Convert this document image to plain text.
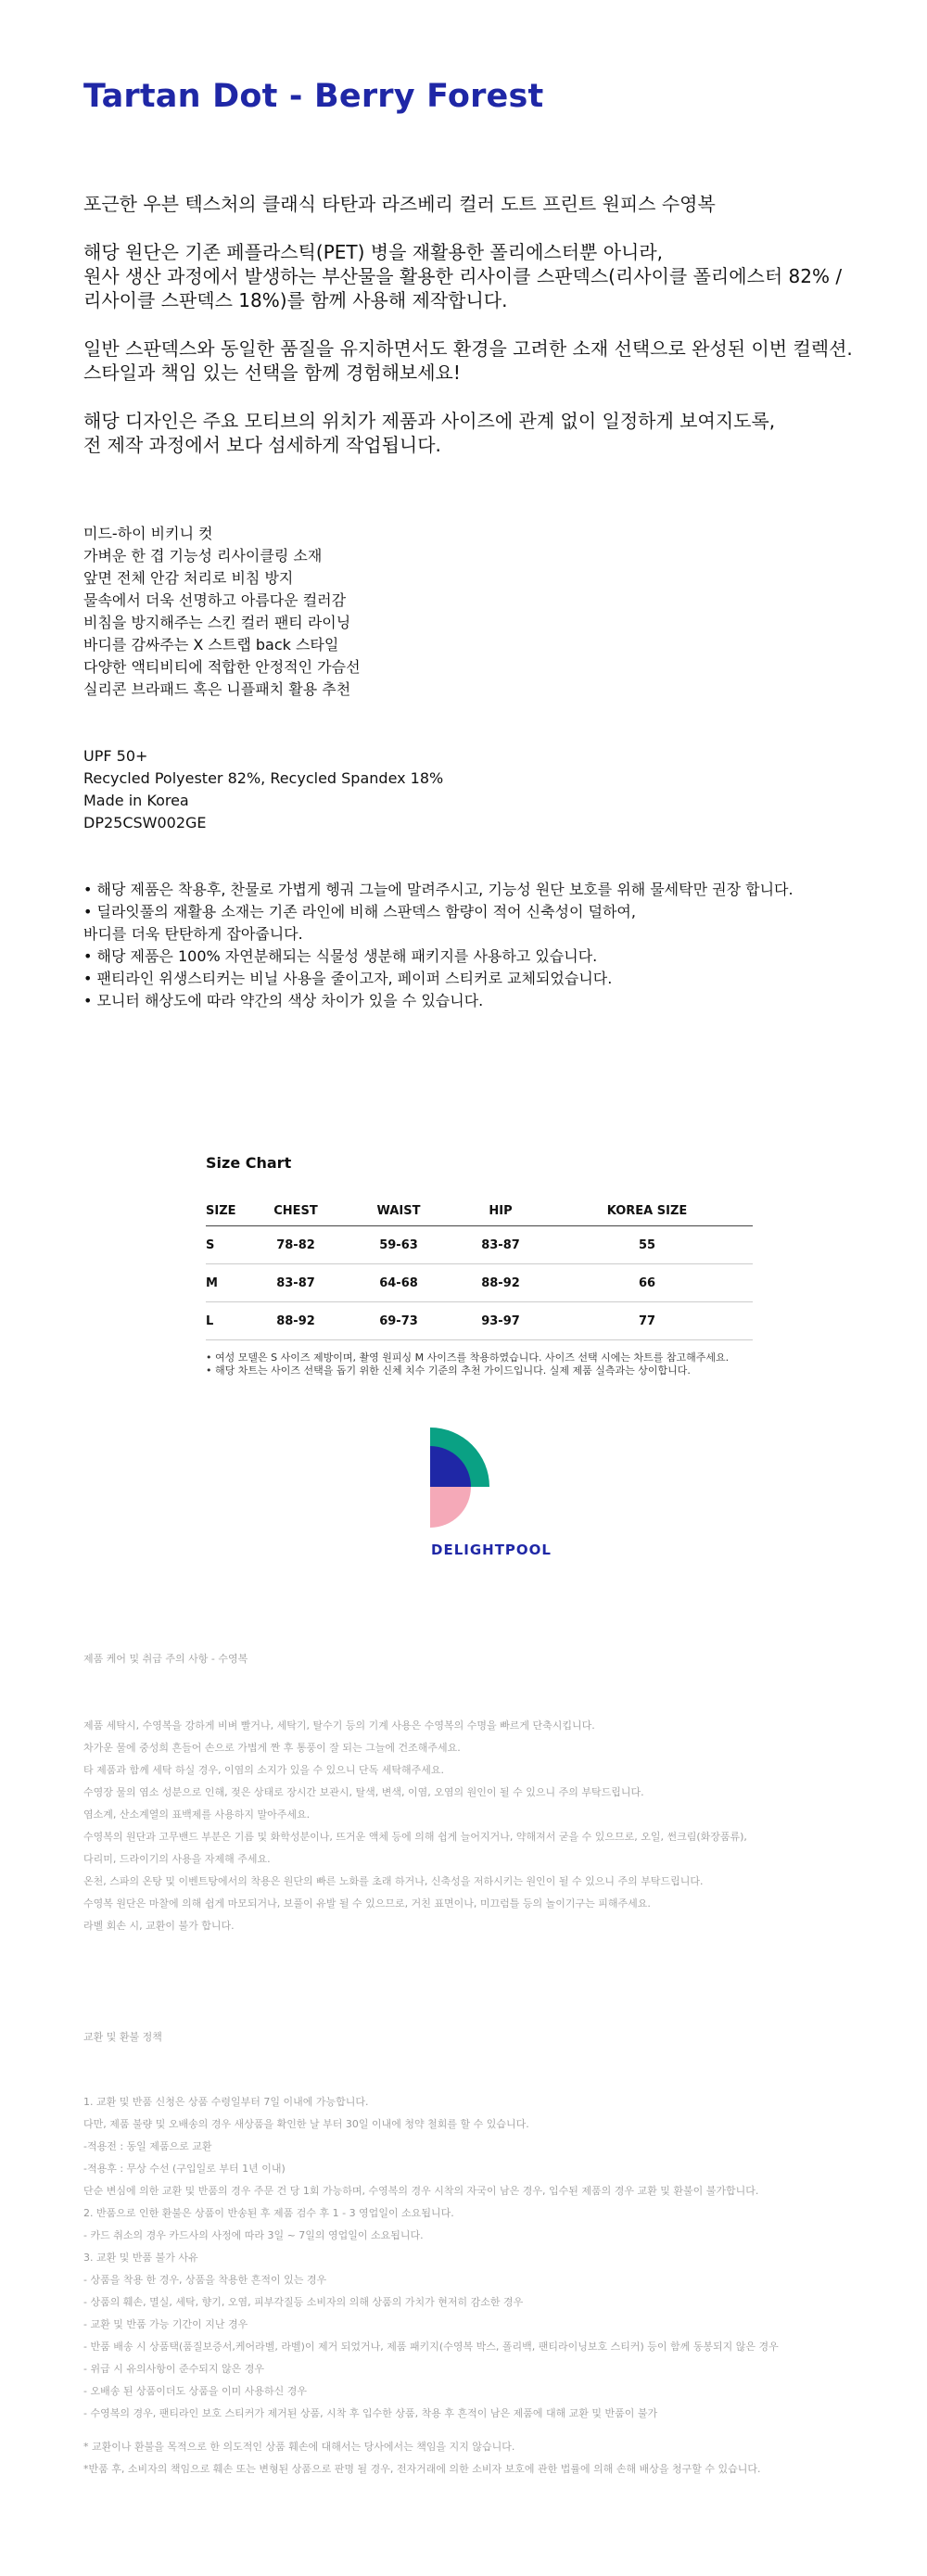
Tartan Dot - Berry Forest

포근한 우븐 텍스처의 클래식 타탄과 라즈베리 컬러 도트 프린트 원피스 수영복

해당 원단은 기존 페플라스틱(PET) 병을 재활용한 폴리에스터뿐 아니라,

원사 생산 과정에서 발생하는 부산물을 활용한 리사이클 스판덱스(리사이클 폴리에스터 82% /

리사이클 스판덱스 18%)를 함께 사용해 제작합니다.

일반 스판덱스와 동일한 품질을 유지하면서도 환경을 고려한 소재 선택으로 완성된 이번 컬렉션.

스타일과 책임 있는 선택을 함께 경험해보세요!

해당 디자인은 주요 모티브의 위치가 제품과 사이즈에 관계 없이 일정하게 보여지도록,

전 제작 과정에서 보다 섬세하게 작업됩니다.

미드-하이 비키니 컷

가벼운 한 겹 기능성 리사이클링 소재

앞면 전체 안감 처리로 비침 방지

물속에서 더욱 선명하고 아름다운 컬러감

비침을 방지해주는 스킨 컬러 팬티 라이닝

바디를 감싸주는 X 스트랩 back 스타일

다양한 액티비티에 적합한 안정적인 가슴선

실리콘 브라패드 혹은 니플패치 활용 추천

UPF 50+

Recycled Polyester 82%, Recycled Spandex 18%

Made in Korea

DP25CSW002GE

• 해당 제품은 착용후, 찬물로 가볍게 헹궈 그늘에 말려주시고, 기능성 원단 보호를 위해 물세탁만 권장 합니다.

• 딜라잇풀의 재활용 소재는 기존 라인에 비해 스판덱스 함량이 적어 신축성이 덜하여,

바디를 더욱 탄탄하게 잡아줍니다.

• 해당 제품은 100% 자연분해되는 식물성 생분해 패키지를 사용하고 있습니다.

• 팬티라인 위생스티커는 비닐 사용을 줄이고자, 페이퍼 스티커로 교체되었습니다.

• 모니터 해상도에 따라 약간의 색상 차이가 있을 수 있습니다.

Size Chart
SIZE	CHEST	WAIST	HIP	KOREA SIZE
S	78-82	59-63	83-87	55
M	83-87	64-68	88-92	66
L	88-92	69-73	93-97	77

• 여성 모델은 S 사이즈 제방이며, 촬영 원피싱 M 사이즈를 착용하였습니다. 사이즈 선택 시에는 차트를 참고해주세요.

• 해당 차트는 사이즈 선택을 돕기 위한 신체 치수 기준의 추천 가이드입니다. 실제 제품 실측과는 상이합니다.

DELIGHTPOOL

제품 케어 및 취급 주의 사항 - 수영복

제품 세탁시, 수영복을 강하게 비벼 빨거나, 세탁기, 탈수기 등의 기계 사용은 수영복의 수명을 빠르게 단축시킵니다.

차가운 물에 중성희 흔들어 손으로 가볍게 짠 후 통풍이 잘 되는 그늘에 건조해주세요.

타 제품과 함께 세탁 하실 경우, 이염의 소지가 있을 수 있으니 단독 세탁해주세요.

수영장 물의 염소 성분으로 인해, 젖은 상태로 장시간 보관시, 탈색, 변색, 이염, 오염의 원인이 될 수 있으니 주의 부탁드립니다.

염소계, 산소계열의 표백제를 사용하지 말아주세요.

수영복의 원단과 고무밴드 부분은 기름 및 화학성분이나, 뜨거운 액체 등에 의해 쉽게 늘어지거나, 약해져서 굳을 수 있으므로, 오일, 썬크림(화장품류),

다리미, 드라이기의 사용을 자제해 주세요.

온천, 스파의 온탕 및 이벤트탕에서의 착용은 원단의 빠른 노화를 초래 하거나, 신축성을 저하시키는 원인이 될 수 있으니 주의 부탁드립니다.

수영복 원단은 마찰에 의해 쉽게 마모되거나, 보풀이 유발 될 수 있으므로, 거친 표면이나, 미끄럼틀 등의 놀이기구는 피해주세요.

라벨 회손 시, 교환이 불가 합니다.

교환 및 환불 정책

1. 교환 및 반품 신청은 상품 수령일부터 7일 이내에 가능합니다.

다만, 제품 불량 및 오배송의 경우 새상품을 확인한 날 부터 30일 이내에 청약 철회를 할 수 있습니다.

-적용전 : 동일 제품으로 교환

-적용후 : 무상 수선 (구입일로 부터 1년 이내)

단순 변심에 의한 교환 및 반품의 경우 주문 건 당 1회 가능하며, 수영복의 경우 시착의 자국이 남은 경우, 입수된 제품의 경우 교환 및 환불이 불가합니다.

2. 반품으로 인한 환불은 상품이 반송된 후 제품 검수 후 1 - 3 영업일이 소요됩니다.

- 카드 취소의 경우 카드사의 사정에 따라 3일 ~ 7일의 영업일이 소요됩니다.

3. 교환 및 반품 불가 사유

- 상품을 착용 한 경우, 상품을 착용한 흔적이 있는 경우

- 상품의 훼손, 멸실, 세탁, 향기, 오염, 피부각질등 소비자의 의해 상품의 가치가 현저히 감소한 경우

- 교환 및 반품 가능 기간이 지난 경우

- 반품 배송 시 상품택(품질보증서,케어라벨, 라벨)이 제거 되었거나, 제품 패키지(수영복 박스, 폴리백, 팬티라이닝보호 스티커) 등이 함께 동봉되지 않은 경우

- 위급 시 유의사항이 준수되지 않은 경우

- 오배송 된 상품이더도 상품을 이미 사용하신 경우

- 수영복의 경우, 팬티라인 보호 스티커가 제거된 상품, 시착 후 입수한 상품, 착용 후 흔적이 남은 제품에 대해 교환 및 반품이 불가

* 교환이나 환불을 목적으로 한 의도적인 상품 훼손에 대해서는 당사에서는 책임을 지지 않습니다.

*반품 후, 소비자의 책임으로 훼손 또는 변형된 상품으로 판명 될 경우, 전자거래에 의한 소비자 보호에 관한 법률에 의해 손해 배상을 청구할 수 있습니다.
